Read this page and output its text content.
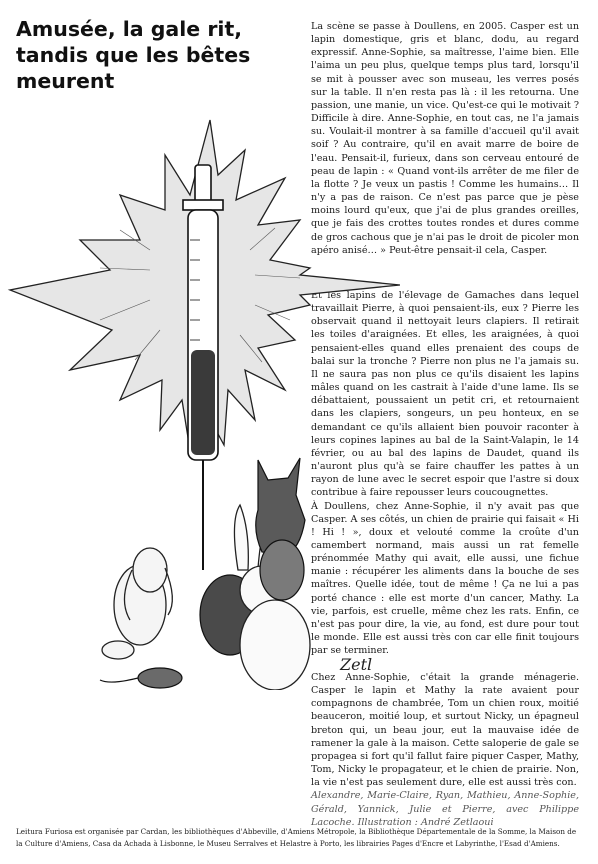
Amusée, la gale rit, tandis que les bêtes meurent

La scène se passe à Doullens, en 2005. Casper est un lapin domestique, gris et blanc, dodu, au regard expressif. Anne-Sophie, sa maîtresse, l'aime bien. Elle l'aima un peu plus, quelque temps plus tard, lorsqu'il se mit à pousser avec son museau, les verres posés sur la table. Il n'en resta pas là : il les retourna. Une passion, une manie, un vice. Qu'est-ce qui le motivait ? Difficile à dire. Anne-Sophie, en tout cas, ne l'a jamais su. Voulait-il montrer à sa famille d'accueil qu'il avait soif ? Au contraire, qu'il en avait marre de boire de l'eau. Pensait-il, furieux, dans son cerveau entouré de peau de lapin : « Quand vont-ils arrêter de me filer de la flotte ? Je veux un pastis ! Comme les humains… Il n'y a pas de raison. Ce n'est pas parce que je pèse moins lourd qu'eux, que j'ai de plus grandes oreilles, que je fais des crottes toutes rondes et dures comme de gros cachous que je n'ai pas le droit de picoler mon apéro anisé… » Peut-être pensait-il cela, Casper.

Et les lapins de l'élevage de Gamaches dans lequel travaillait Pierre, à quoi pensaient-ils, eux ? Pierre les observait quand il nettoyait leurs clapiers. Il retirait les toiles d'araignées. Et elles, les araignées, à quoi pensaient-elles quand elles prenaient des coups de balai sur la tronche ? Pierre non plus ne l'a jamais su. Il ne saura pas non plus ce qu'ils disaient les lapins mâles quand on les castrait à l'aide d'une lame. Ils se débattaient, poussaient un petit cri, et retournaient dans les clapiers, songeurs, un peu honteux, en se demandant ce qu'ils allaient bien pouvoir raconter à leurs copines lapines au bal de la Saint-Valapin, le 14 février, ou au bal des lapins de Daudet, quand ils n'auront plus qu'à se faire chauffer les pattes à un rayon de lune avec le secret espoir que l'astre si doux contribue à faire repousser leurs coucougnettes.

À Doullens, chez Anne-Sophie, il n'y avait pas que Casper. A ses côtés, un chien de prairie qui faisait « Hi ! Hi ! », doux et velouté comme la croûte d'un camembert normand, mais aussi un rat femelle prénommée Mathy qui avait, elle aussi, une fichue manie : récupérer les aliments dans la bouche de ses maîtres. Quelle idée, tout de même ! Ça ne lui a pas porté chance : elle est morte d'un cancer, Mathy. La vie, parfois, est cruelle, même chez les rats. Enfin, ce n'est pas pour dire, la vie, au fond, est dure pour tout le monde. Elle est aussi très con car elle finit toujours par se terminer.

Chez Anne-Sophie, c'était la grande ménagerie. Casper le lapin et Mathy la rate avaient pour compagnons de chambrée, Tom un chien roux, moitié beauceron, moitié loup, et surtout Nicky, un épagneul breton qui, un beau jour, eut la mauvaise idée de ramener la gale à la maison. Cette saloperie de gale se propagea si fort qu'il fallut faire piquer Casper, Mathy, Tom, Nicky le propagateur, et le chien de prairie. Non, la vie n'est pas seulement dure, elle est aussi très con.

Alexandre, Marie-Claire, Ryan, Mathieu, Anne-Sophie, Gérald, Yannick, Julie et Pierre, avec Philippe Lacoche. Illustration : André Zetlaoui

Zetl

Leitura Furiosa est organisée par Cardan, les bibliothèques d'Abbeville, d'Amiens Métropole, la Bibliothèque Départementale de la Somme, la Maison de la Culture d'Amiens, Casa da Achada à Lisbonne, le Museu Serralves et Helastre à Porto, les librairies Pages d'Encre et Labyrinthe, l'Esad d'Amiens.
